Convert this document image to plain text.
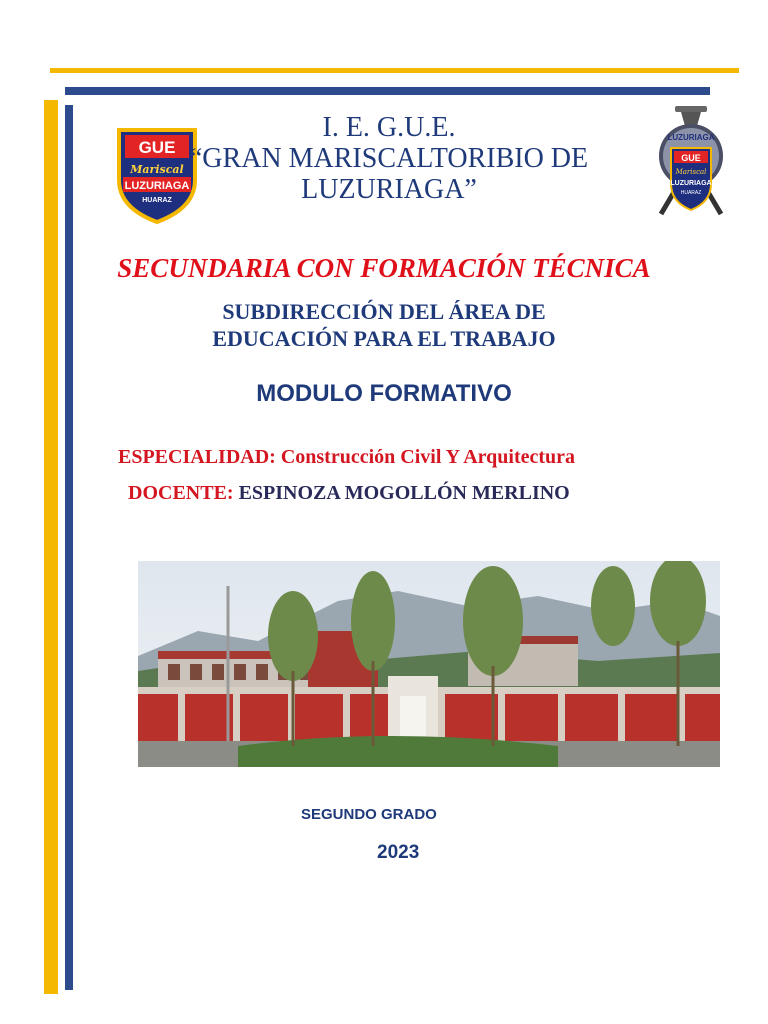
GUE
Mariscal
LUZURIAGA
HUARAZ
LUZURIAGA
GUE
Mariscal
LUZURIAGA
HUARAZ
I. E. G.U.E.
“GRAN MARISCALTORIBIO DE
LUZURIAGA”
SECUNDARIA CON FORMACIÓN TÉCNICA
SUBDIRECCIÓN DEL ÁREA DE
EDUCACIÓN PARA EL TRABAJO
MODULO FORMATIVO
ESPECIALIDAD: Construcción Civil Y Arquitectura
DOCENTE: ESPINOZA MOGOLLÓN MERLINO
SEGUNDO GRADO
2023
